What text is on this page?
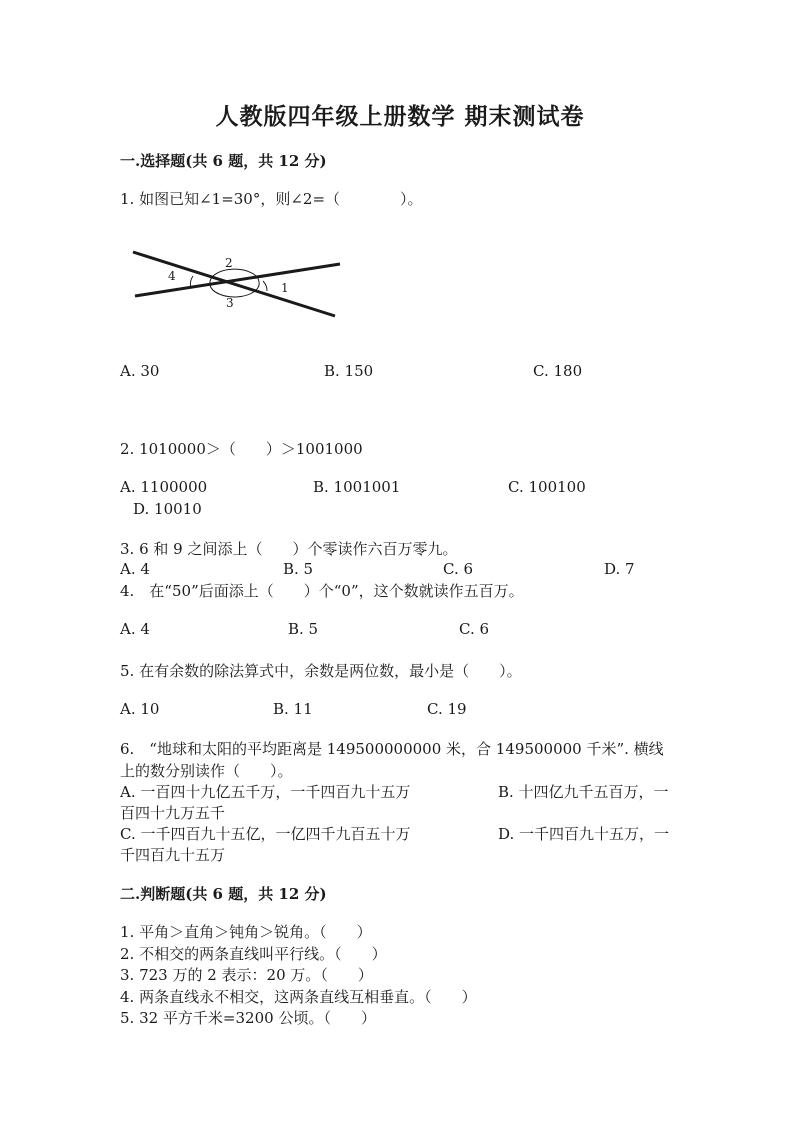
人教版四年级上册数学 期末测试卷
一.选择题(共 6 题，共 12 分)
1. 如图已知∠1=30°，则∠2=（　　　　）。
2
4
3
1
A. 30	B. 150	C. 180
2. 1010000＞（　　）＞1001000
A. 1100000	B. 1001001	C. 100100
D. 10010
3. 6 和 9 之间添上（　　）个零读作六百万零九。
A. 4	B. 5	C. 6	D. 7
4.　在“50”后面添上（　　）个“0”，这个数就读作五百万。
A. 4	B. 5	C. 6
5. 在有余数的除法算式中，余数是两位数，最小是（　　）。
A. 10	B. 11	C. 19
6.　“地球和太阳的平均距离是 149500000000 米，合 149500000 千米”. 横线
上的数分别读作（　　）。
A. 一百四十九亿五千万，一千四百九十五万	B. 十四亿九千五百万，一
百四十九万五千
C. 一千四百九十五亿，一亿四千九百五十万	D. 一千四百九十五万，一
千四百九十五万
二.判断题(共 6 题，共 12 分)
1. 平角＞直角＞钝角＞锐角。（　　）
2. 不相交的两条直线叫平行线。（　　）
3. 723 万的 2 表示：20 万。（　　）
4. 两条直线永不相交，这两条直线互相垂直。（　　）
5. 32 平方千米=3200 公顷。（　　）
